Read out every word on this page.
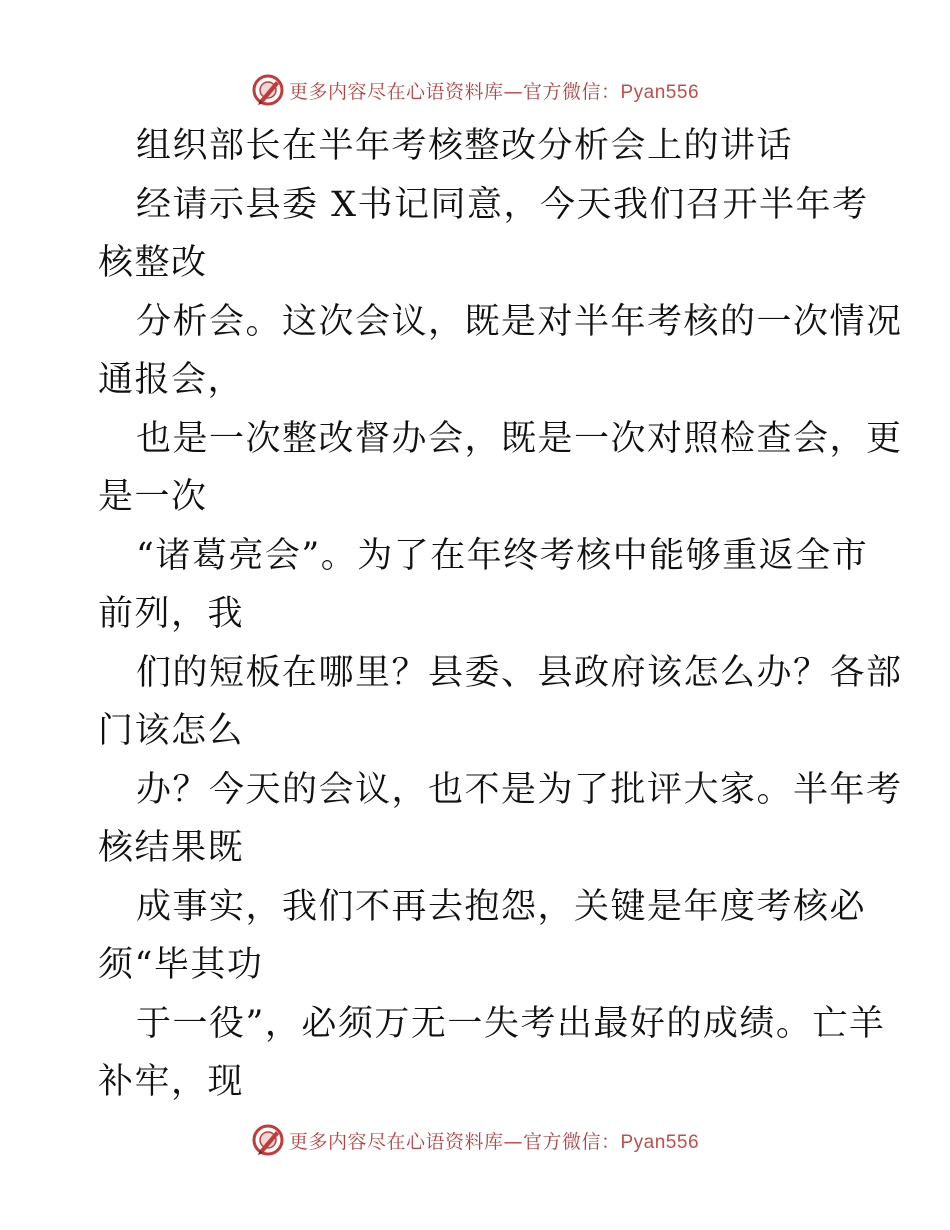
更多内容尽在心语资料库—官方微信：Pyan556
组织部长在半年考核整改分析会上的讲话
经请示县委 X书记同意，今天我们召开半年考
核整改
分析会。这次会议，既是对半年考核的一次情况
通报会，
也是一次整改督办会，既是一次对照检查会，更
是一次
“诸葛亮会”。为了在年终考核中能够重返全市
前列，我
们的短板在哪里？县委、县政府该怎么办？各部
门该怎么
办？今天的会议，也不是为了批评大家。半年考
核结果既
成事实，我们不再去抱怨，关键是年度考核必
须“毕其功
于一役”，必须万无一失考出最好的成绩。亡羊
补牢，现
更多内容尽在心语资料库—官方微信：Pyan556
